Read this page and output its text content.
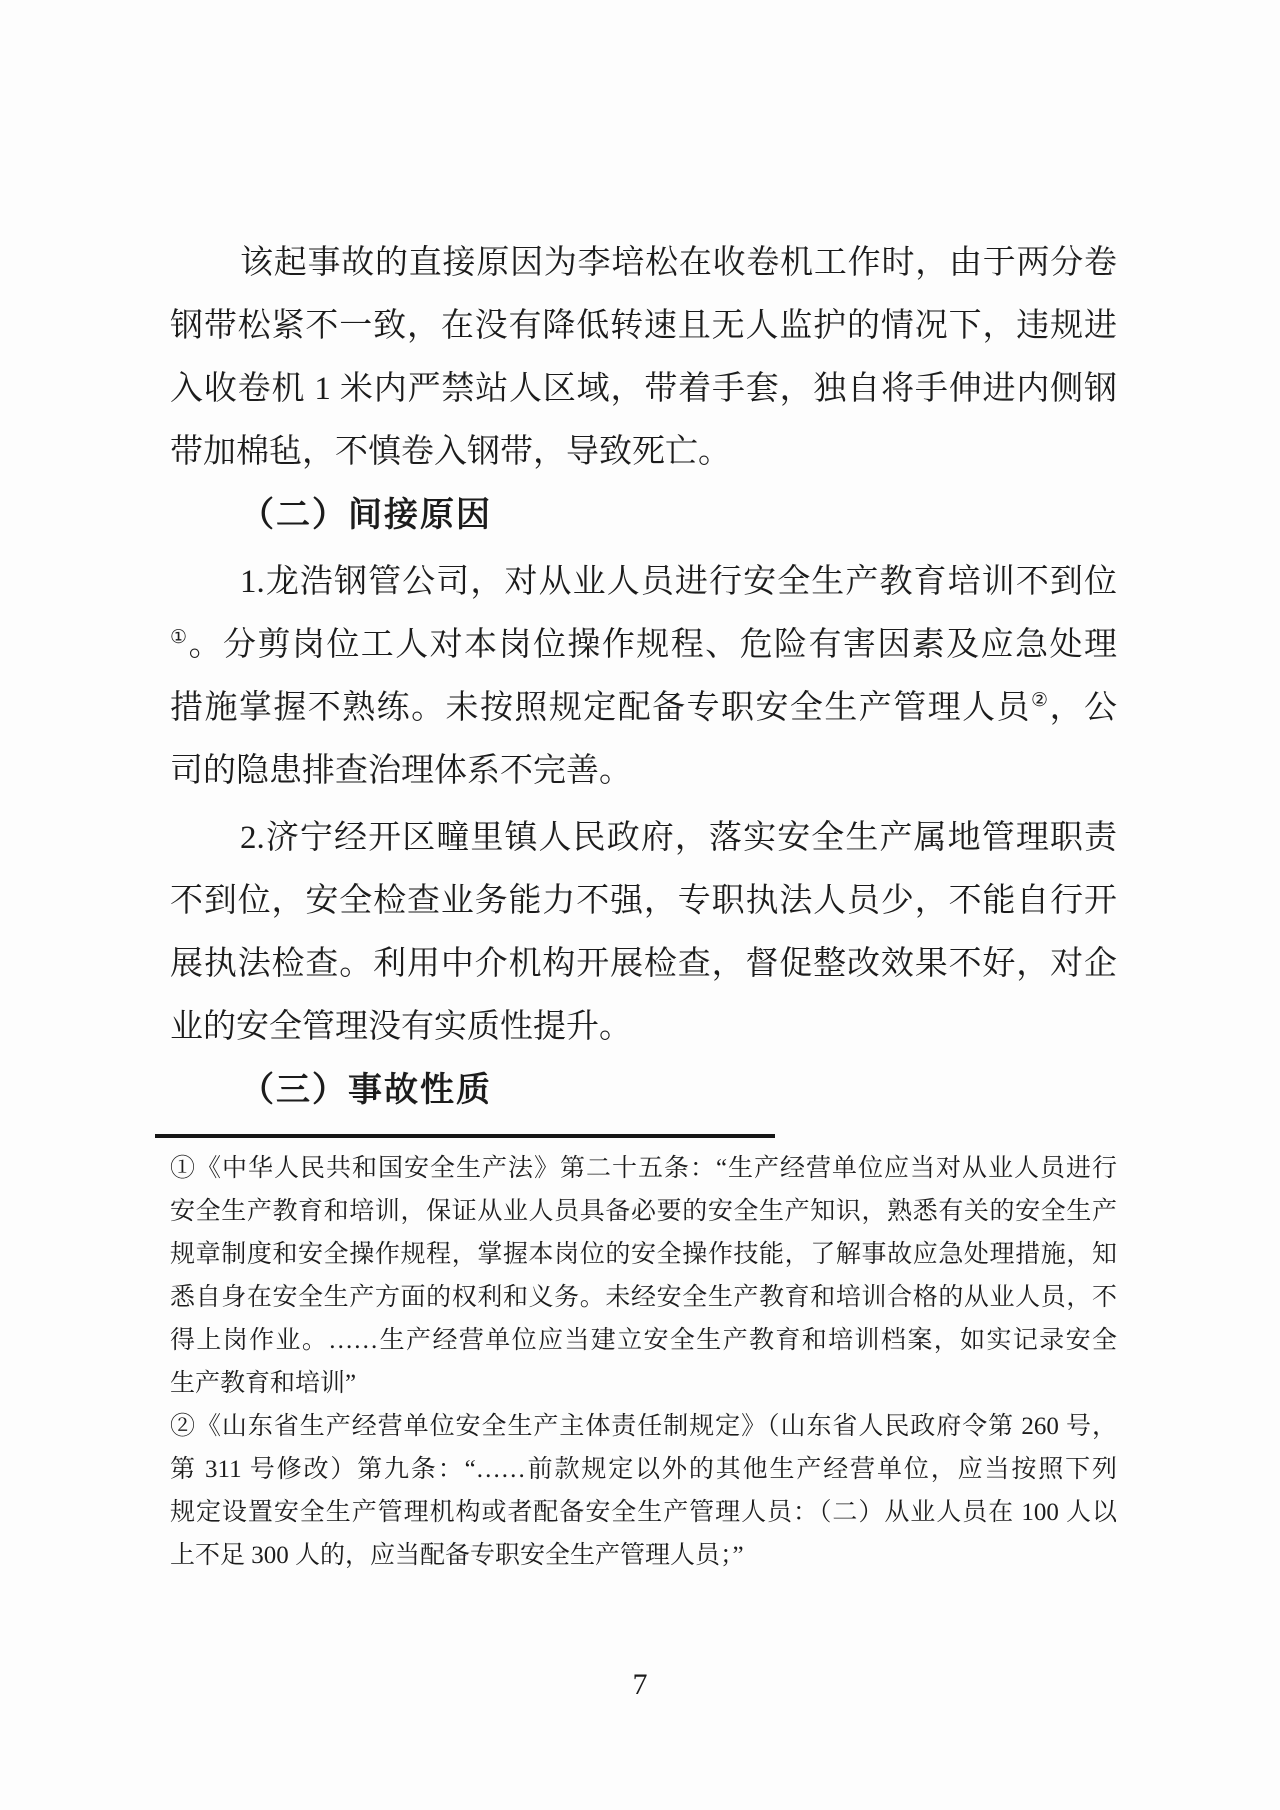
该起事故的直接原因为李培松在收卷机工作时，由于两分卷
钢带松紧不一致，在没有降低转速且无人监护的情况下，违规进
入收卷机 1 米内严禁站人区域，带着手套，独自将手伸进内侧钢
带加棉毡，不慎卷入钢带，导致死亡。
（二）间接原因
1.龙浩钢管公司，对从业人员进行安全生产教育培训不到位
①。分剪岗位工人对本岗位操作规程、危险有害因素及应急处理
措施掌握不熟练。未按照规定配备专职安全生产管理人员②，公
司的隐患排查治理体系不完善。
2.济宁经开区疃里镇人民政府，落实安全生产属地管理职责
不到位，安全检查业务能力不强，专职执法人员少，不能自行开
展执法检查。利用中介机构开展检查，督促整改效果不好，对企
业的安全管理没有实质性提升。
（三）事故性质
①《中华人民共和国安全生产法》第二十五条：“生产经营单位应当对从业人员进行
安全生产教育和培训，保证从业人员具备必要的安全生产知识，熟悉有关的安全生产
规章制度和安全操作规程，掌握本岗位的安全操作技能，了解事故应急处理措施，知
悉自身在安全生产方面的权利和义务。未经安全生产教育和培训合格的从业人员，不
得上岗作业。……生产经营单位应当建立安全生产教育和培训档案，如实记录安全
生产教育和培训”
②《山东省生产经营单位安全生产主体责任制规定》（山东省人民政府令第 260 号，
第 311 号修改）第九条：“……前款规定以外的其他生产经营单位，应当按照下列
规定设置安全生产管理机构或者配备安全生产管理人员：（二）从业人员在 100 人以
上不足 300 人的，应当配备专职安全生产管理人员；”
7
